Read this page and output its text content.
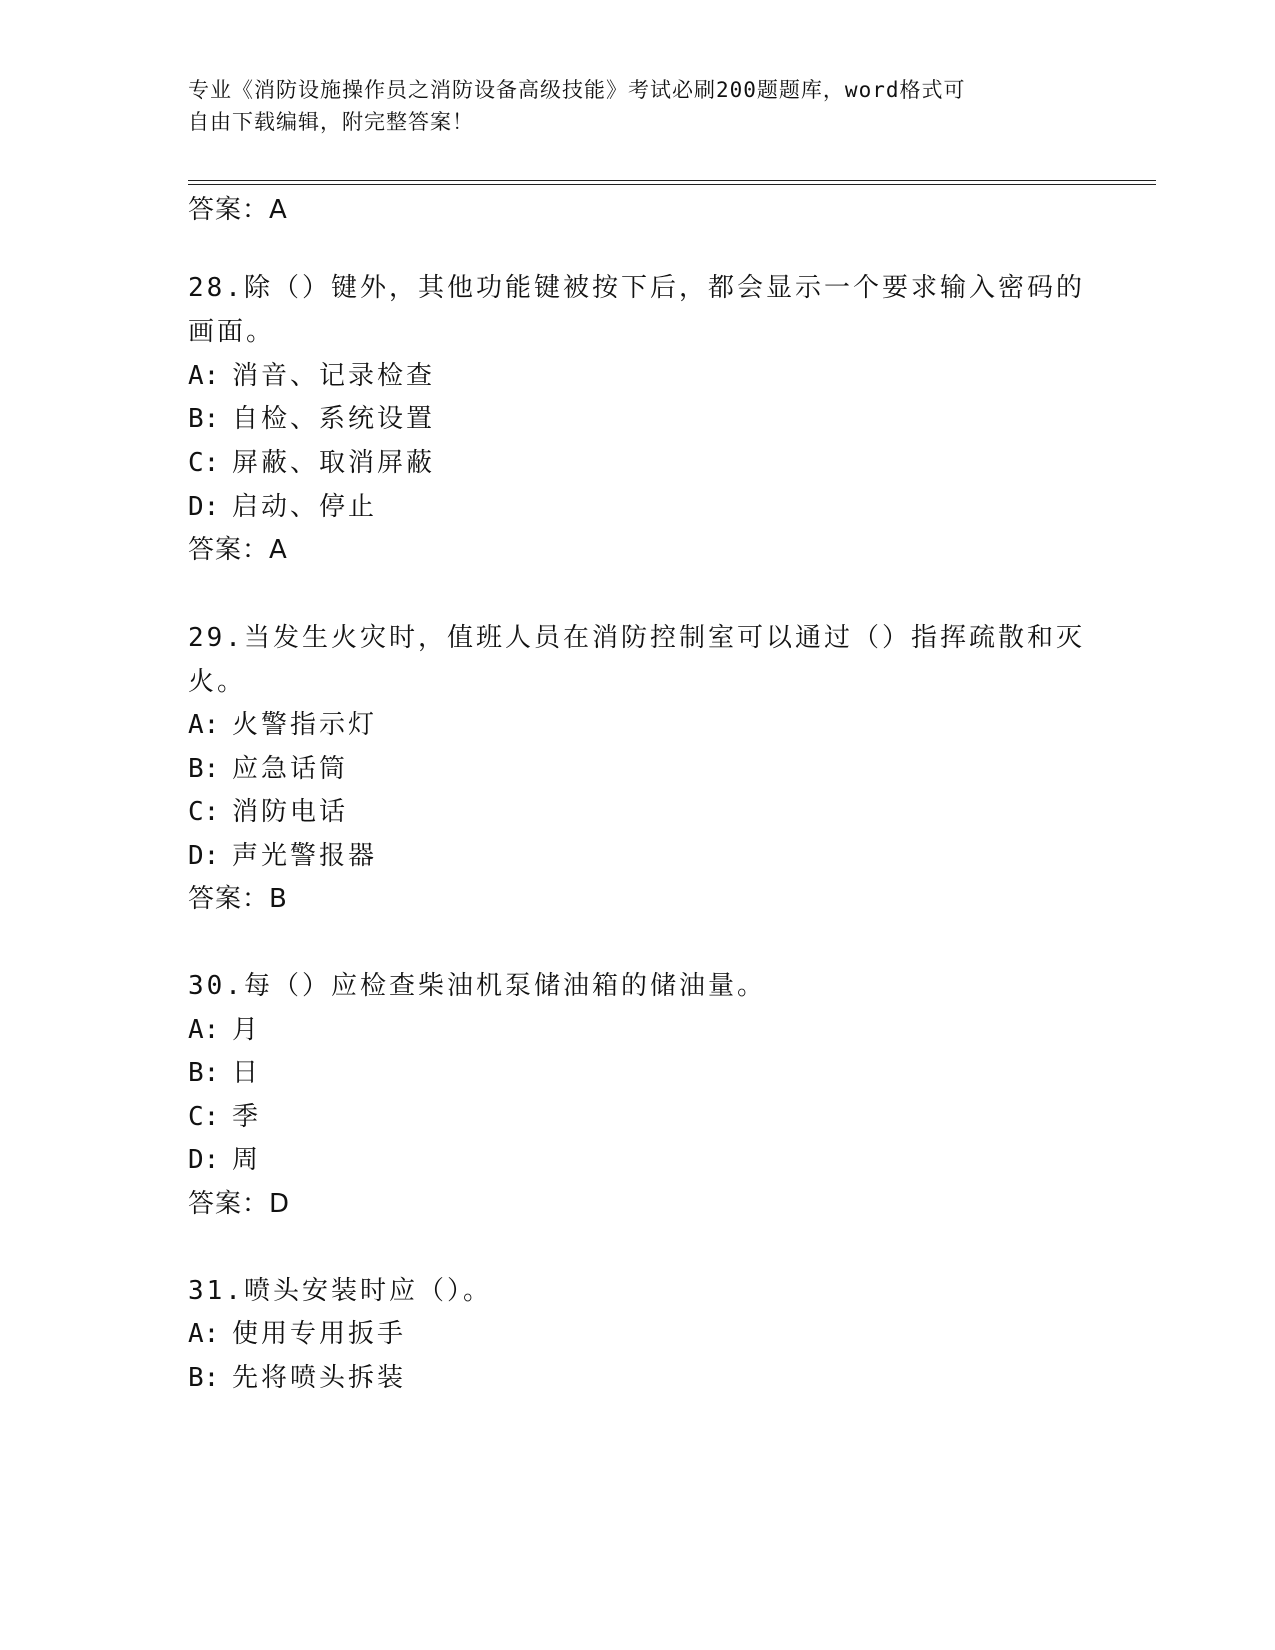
专业《消防设施操作员之消防设备高级技能》考试必刷200题题库，word格式可
自由下载编辑，附完整答案！
答案：A
28.除（）键外，其他功能键被按下后，都会显示一个要求输入密码的
画面。
A: 消音、记录检查
B: 自检、系统设置
C: 屏蔽、取消屏蔽
D: 启动、停止
答案：A
29.当发生火灾时，值班人员在消防控制室可以通过（）指挥疏散和灭
火。
A: 火警指示灯
B: 应急话筒
C: 消防电话
D: 声光警报器
答案：B
30.每（）应检查柴油机泵储油箱的储油量。
A: 月
B: 日
C: 季
D: 周
答案：D
31.喷头安装时应（）。
A: 使用专用扳手
B: 先将喷头拆装
